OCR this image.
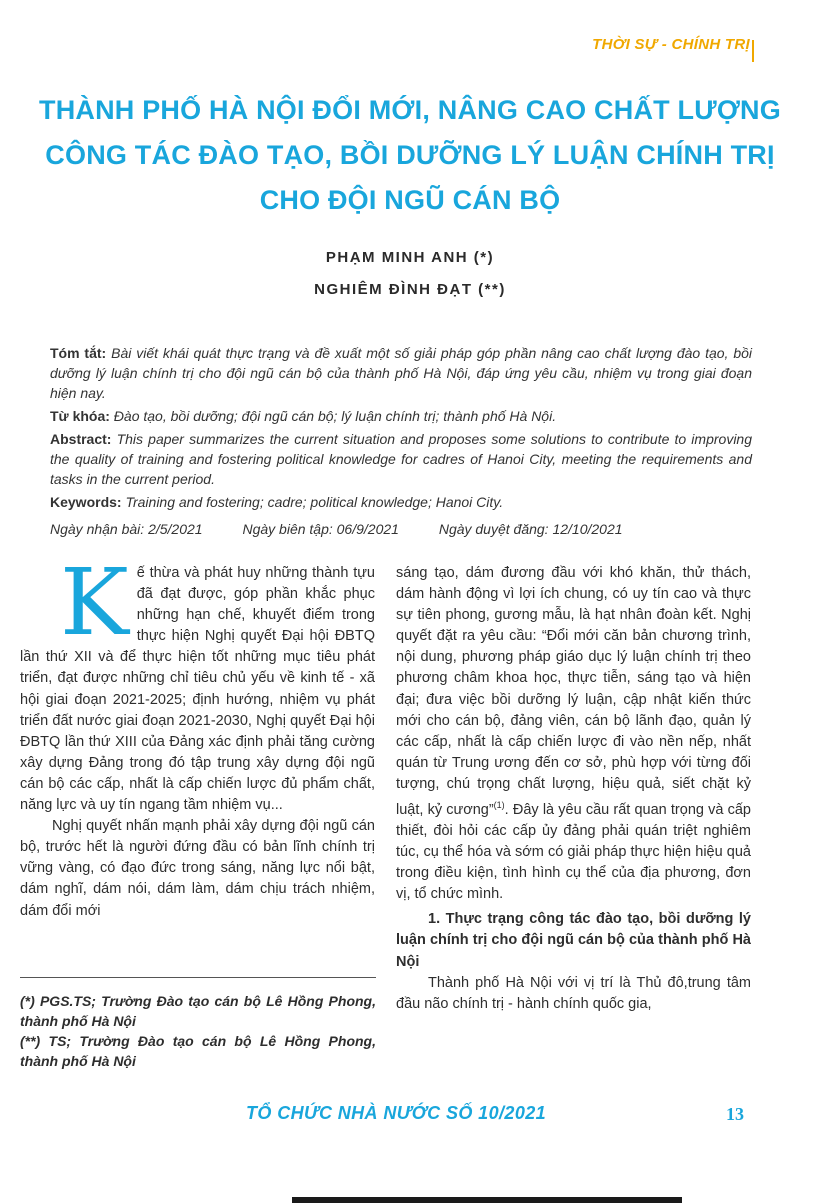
THỜI SỰ - CHÍNH TRỊ
THÀNH PHỐ HÀ NỘI ĐỔI MỚI, NÂNG CAO CHẤT LƯỢNG
CÔNG TÁC ĐÀO TẠO, BỒI DƯỠNG LÝ LUẬN CHÍNH TRỊ
CHO ĐỘI NGŨ CÁN BỘ
PHẠM MINH ANH (*)
NGHIÊM ĐÌNH ĐẠT (**)

Tóm tắt: Bài viết khái quát thực trạng và đề xuất một số giải pháp góp phần nâng cao chất lượng đào tạo, bồi dưỡng lý luận chính trị cho đội ngũ cán bộ của thành phố Hà Nội, đáp ứng yêu cầu, nhiệm vụ trong giai đoạn hiện nay.

Từ khóa: Đào tạo, bồi dưỡng; đội ngũ cán bộ; lý luận chính trị; thành phố Hà Nội.

Abstract: This paper summarizes the current situation and proposes some solutions to contribute to improving the quality of training and fostering political knowledge for cadres of Hanoi City, meeting the requirements and tasks in the current period.

Keywords: Training and fostering; cadre; political knowledge; Hanoi City.

Ngày nhận bài: 2/5/2021	Ngày biên tập: 06/9/2021	Ngày duyệt đăng: 12/10/2021

Kế thừa và phát huy những thành tựu đã đạt được, góp phần khắc phục những hạn chế, khuyết điểm trong thực hiện Nghị quyết Đại hội ĐBTQ lần thứ XII và để thực hiện tốt những mục tiêu phát triển, đạt được những chỉ tiêu chủ yếu về kinh tế - xã hội giai đoạn 2021-2025; định hướng, nhiệm vụ phát triển đất nước giai đoạn 2021-2030, Nghị quyết Đại hội ĐBTQ lần thứ XIII của Đảng xác định phải tăng cường xây dựng Đảng trong đó tập trung xây dựng đội ngũ cán bộ các cấp, nhất là cấp chiến lược đủ phẩm chất, năng lực và uy tín ngang tầm nhiệm vụ...

Nghị quyết nhấn mạnh phải xây dựng đội ngũ cán bộ, trước hết là người đứng đầu có bản lĩnh chính trị vững vàng, có đạo đức trong sáng, năng lực nổi bật, dám nghĩ, dám nói, dám làm, dám chịu trách nhiệm, dám đổi mới

(*) PGS.TS; Trường Đào tạo cán bộ Lê Hồng Phong, thành phố Hà Nội

(**) TS; Trường Đào tạo cán bộ Lê Hồng Phong, thành phố Hà Nội

sáng tạo, dám đương đầu với khó khăn, thử thách, dám hành động vì lợi ích chung, có uy tín cao và thực sự tiên phong, gương mẫu, là hạt nhân đoàn kết. Nghị quyết đặt ra yêu cầu: “Đổi mới căn bản chương trình, nội dung, phương pháp giáo dục lý luận chính trị theo phương châm khoa học, thực tiễn, sáng tạo và hiện đại; đưa việc bồi dưỡng lý luận, cập nhật kiến thức mới cho cán bộ, đảng viên, cán bộ lãnh đạo, quản lý các cấp, nhất là cấp chiến lược đi vào nền nếp, nhất quán từ Trung ương đến cơ sở, phù hợp với từng đối tượng, chú trọng chất lượng, hiệu quả, siết chặt kỷ luật, kỷ cương”$^{(1)}$. Đây là yêu cầu rất quan trọng và cấp thiết, đòi hỏi các cấp ủy đảng phải quán triệt nghiêm túc, cụ thể hóa và sớm có giải pháp thực hiện hiệu quả trong điều kiện, tình hình cụ thể của địa phương, đơn vị, tổ chức mình.

1. Thực trạng công tác đào tạo, bồi dưỡng lý luận chính trị cho đội ngũ cán bộ của thành phố Hà Nội

Thành phố Hà Nội với vị trí là Thủ đô,trung tâm đầu não chính trị - hành chính quốc gia,

TỔ CHỨC NHÀ NƯỚC SỐ 10/2021	13
